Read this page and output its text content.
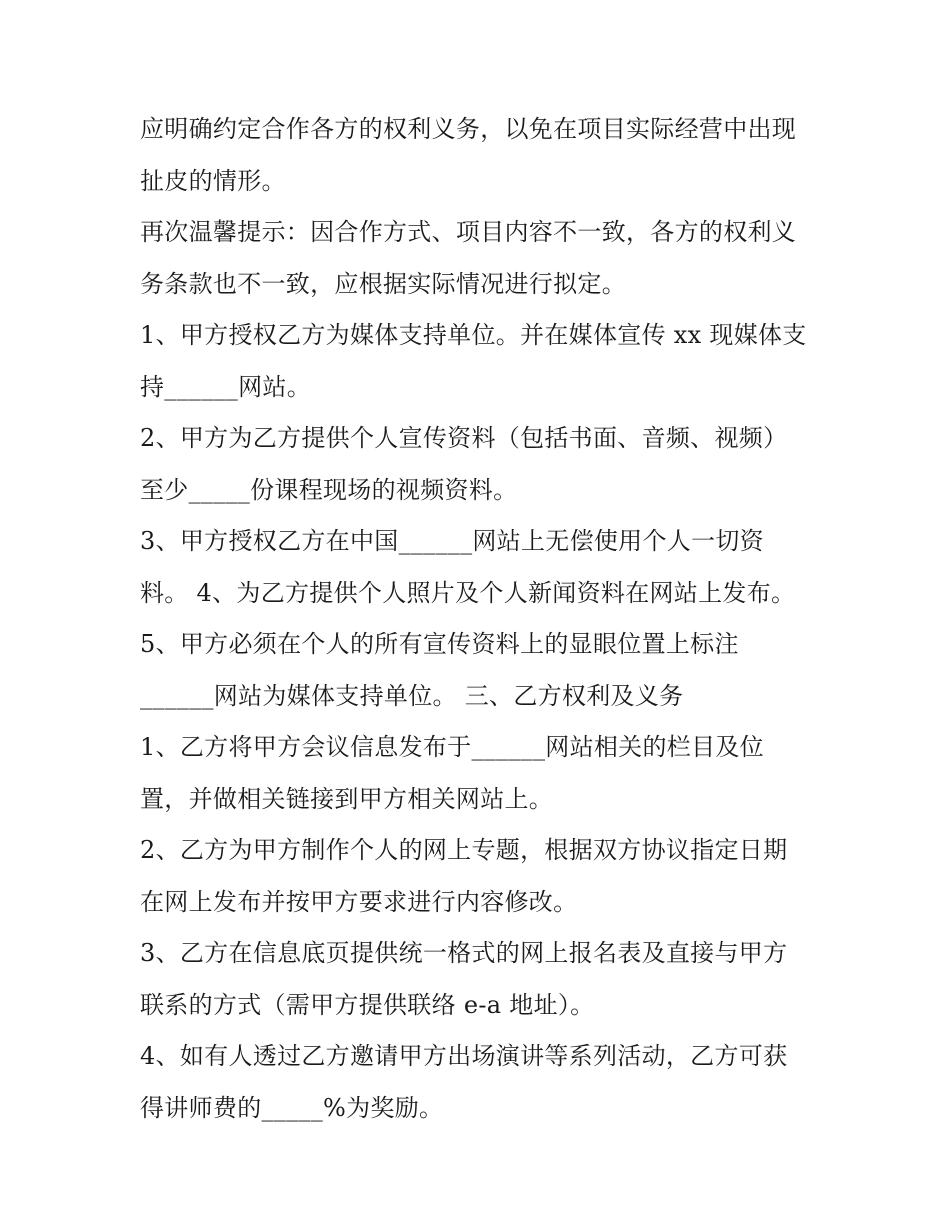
应明确约定合作各方的权利义务，以免在项目实际经营中出现
扯皮的情形。
再次温馨提示：因合作方式、项目内容不一致，各方的权利义
务条款也不一致，应根据实际情况进行拟定。
1、甲方授权乙方为媒体支持单位。并在媒体宣传 xx 现媒体支
持______网站。
2、甲方为乙方提供个人宣传资料（包括书面、音频、视频）
至少_____份课程现场的视频资料。
3、甲方授权乙方在中国______网站上无偿使用个人一切资
料。 4、为乙方提供个人照片及个人新闻资料在网站上发布。
5、甲方必须在个人的所有宣传资料上的显眼位置上标注
______网站为媒体支持单位。 三、乙方权利及义务
1、乙方将甲方会议信息发布于______网站相关的栏目及位
置，并做相关链接到甲方相关网站上。
2、乙方为甲方制作个人的网上专题，根据双方协议指定日期
在网上发布并按甲方要求进行内容修改。
3、乙方在信息底页提供统一格式的网上报名表及直接与甲方
联系的方式（需甲方提供联络 e-a 地址）。
4、如有人透过乙方邀请甲方出场演讲等系列活动，乙方可获
得讲师费的_____%为奖励。
